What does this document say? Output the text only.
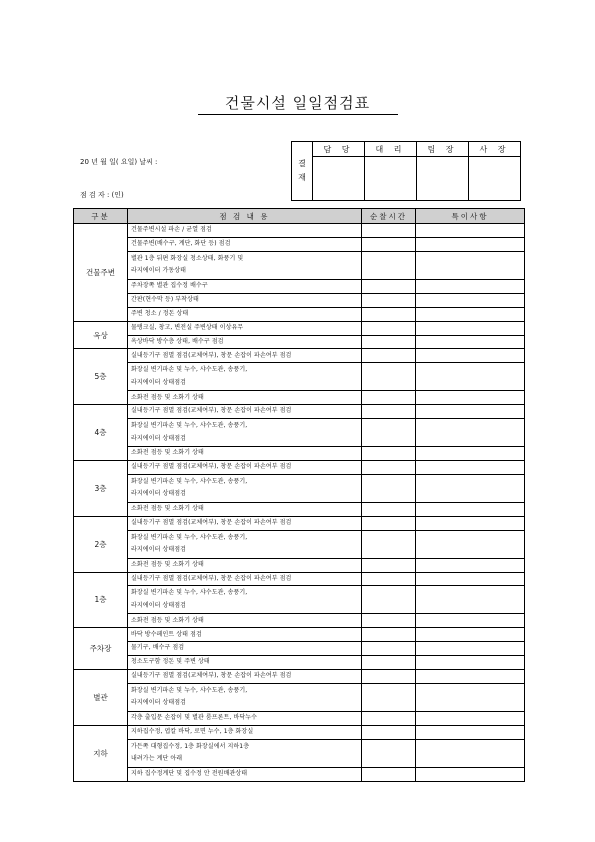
건물시설 일일점검표
20 년 월 일( 요일) 날씨 :
점 검 자 : (인)
결
재	담 당	대 리	팀 장	사 장

구분	점 검 내 용	순찰시간	특이사항
건물주변	건물주변시설 파손 / 균열 점검		
	건물주변(배수구, 계단, 화단 등) 점검		
	별관 1층 뒤편 화장실 청소상태, 화풍기 및
라지에이터 가동상태		
	주차장쪽 별관 집수정 배수구		
	간판(현수막 등) 부착상태		
	주변 청소 / 정돈 상태		
옥상	물탱크실, 창고, 변전실 주변상태 이상유무		
	옥상바닥 방수층 상태, 배수구 점검		
5층	실내등기구 점멸 점검(교체여부), 창문 손잡이 파손여부 점검		
	화장실 변기파손 및 누수, 샤수도관, 송풍기,
라지에이터 상태점검		
	소화전 점등 및 소화기 상태		
4층	실내등기구 점멸 점검(교체여부), 창문 손잡이 파손여부 점검		
	화장실 변기파손 및 누수, 샤수도관, 송풍기,
라지에이터 상태점검		
	소화전 점등 및 소화기 상태		
3층	실내등기구 점멸 점검(교체여부), 창문 손잡이 파손여부 점검		
	화장실 변기파손 및 누수, 샤수도관, 송풍기,
라지에이터 상태점검		
	소화전 점등 및 소화기 상태		
2층	실내등기구 점멸 점검(교체여부), 창문 손잡이 파손여부 점검		
	화장실 변기파손 및 누수, 샤수도관, 송풍기,
라지에이터 상태점검		
	소화전 점등 및 소화기 상태		
1층	실내등기구 점멸 점검(교체여부), 창문 손잡이 파손여부 점검		
	화장실 변기파손 및 누수, 샤수도관, 송풍기,
라지에이터 상태점검		
	소화전 점등 및 소화기 상태		
주차장	바닥 방수페인트 상태 점검		
	물기구, 배수구 점검		
	청소도구함 정돈 및 주변 상태		
별관	실내등기구 점멸 점검(교체여부), 창문 손잡이 파손여부 점검		
	화장실 변기파손 및 누수, 샤수도관, 송풍기,
라지에이터 상태점검		
	각층 출입문 손잡이 및 별관 룸프론트, 바닥누수		
지하	지하집수정, 엽칼 바닥, 로면 누수, 1층 화장실		
	가든쪽 대형집수정, 1층 화장실에서 지하1층
내려가는 계단 아래		
	지하 집수정계단 및 집수정 안 전원배관상태		
